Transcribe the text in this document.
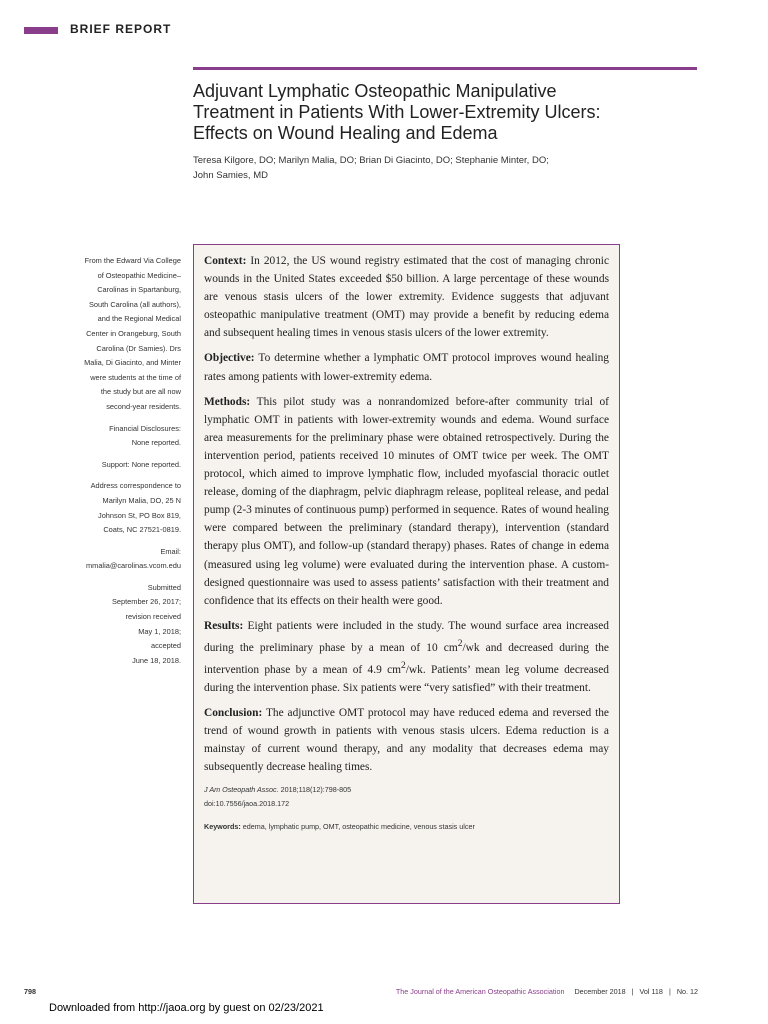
BRIEF REPORT
Adjuvant Lymphatic Osteopathic Manipulative
Treatment in Patients With Lower-Extremity Ulcers:
Effects on Wound Healing and Edema
Teresa Kilgore, DO; Marilyn Malia, DO; Brian Di Giacinto, DO; Stephanie Minter, DO;
John Samies, MD

From the Edward Via College
of Osteopathic Medicine–
Carolinas in Spartanburg,
South Carolina (all authors),
and the Regional Medical
Center in Orangeburg, South
Carolina (Dr Samies). Drs
Malia, Di Giacinto, and Minter
were students at the time of
the study but are all now
second-year residents.

Financial Disclosures:
None reported.

Support: None reported.

Address correspondence to
Marilyn Malia, DO, 25 N
Johnson St, PO Box 819,
Coats, NC 27521-0819.

Email:
mmalia@carolinas.vcom.edu

Submitted
September 26, 2017;
revision received
May 1, 2018;
accepted
June 18, 2018.

Context: In 2012, the US wound registry estimated that the cost of managing chronic wounds in the United States exceeded $50 billion. A large percentage of these wounds are venous stasis ulcers of the lower extremity. Evidence suggests that adjuvant osteopathic manipulative treatment (OMT) may provide a benefit by reducing edema and subsequent healing times in venous stasis ulcers of the lower extremity.

Objective: To determine whether a lymphatic OMT protocol improves wound healing rates among patients with lower-extremity edema.

Methods: This pilot study was a nonrandomized before-after community trial of lymphatic OMT in patients with lower-extremity wounds and edema. Wound surface area measurements for the preliminary phase were obtained retrospectively. During the intervention period, patients received 10 minutes of OMT twice per week. The OMT protocol, which aimed to improve lymphatic flow, included myofascial thoracic outlet release, doming of the diaphragm, pelvic diaphragm release, popliteal release, and pedal pump (2-3 minutes of continuous pump) performed in sequence. Rates of wound healing were compared between the preliminary (standard therapy), intervention (standard therapy plus OMT), and follow-up (standard therapy) phases. Rates of change in edema (measured using leg volume) were evaluated during the intervention phase. A custom-designed questionnaire was used to assess patients’ satisfaction with their treatment and confidence that its effects on their health were good.

Results: Eight patients were included in the study. The wound surface area increased during the preliminary phase by a mean of 10 $cm^2/wk$ and decreased during the intervention phase by a mean of 4.9 $cm^2/wk$. Patients’ mean leg volume decreased during the intervention phase. Six patients were “very satisfied” with their treatment.

Conclusion: The adjunctive OMT protocol may have reduced edema and reversed the trend of wound growth in patients with venous stasis ulcers. Edema reduction is a mainstay of current wound therapy, and any modality that decreases edema may subsequently decrease healing times.

J Am Osteopath Assoc. 2018;118(12):798-805

doi:10.7556/jaoa.2018.172

Keywords: edema, lymphatic pump, OMT, osteopathic medicine, venous stasis ulcer

798	The Journal of the American Osteopathic Association December 2018 | Vol 118 | No. 12
Downloaded from http://jaoa.org by guest on 02/23/2021
